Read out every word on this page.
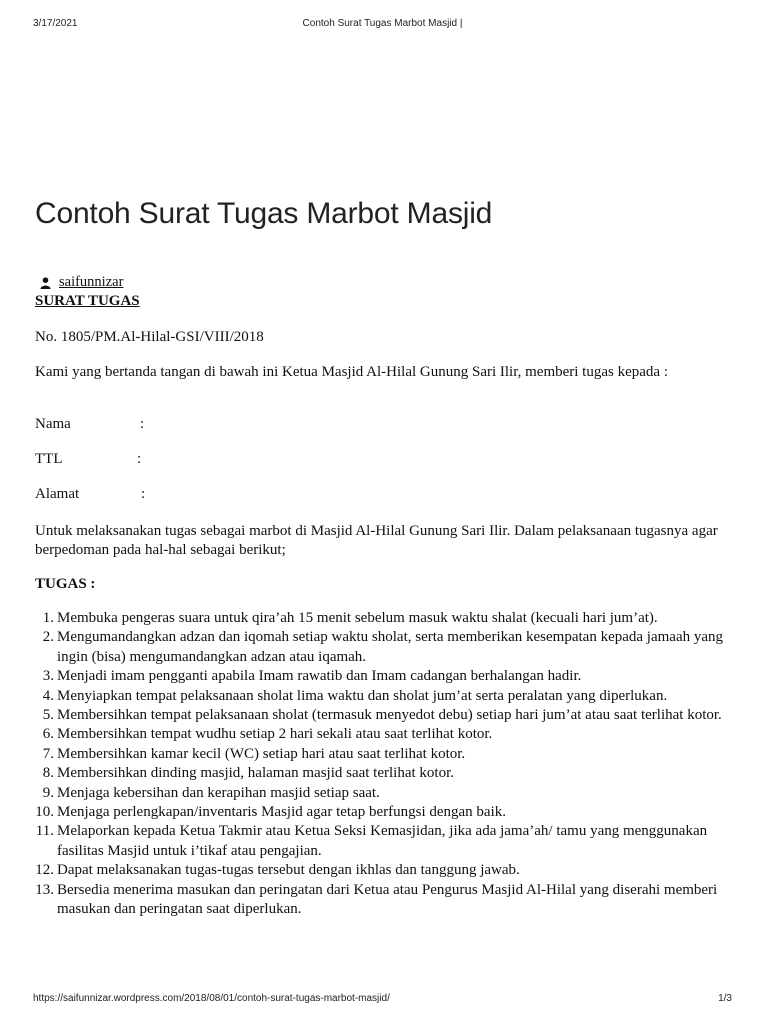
3/17/2021	Contoh Surat Tugas Marbot Masjid |
Contoh Surat Tugas Marbot Masjid
saifunnizar
SURAT TUGAS
No. 1805/PM.Al-Hilal-GSI/VIII/2018
Kami yang bertanda tangan di bawah ini Ketua Masjid Al-Hilal Gunung Sari Ilir, memberi tugas kepada :
Nama	:
TTL	:
Alamat	:
Untuk melaksanakan tugas sebagai marbot di Masjid Al-Hilal Gunung Sari Ilir. Dalam pelaksanaan tugasnya agar berpedoman pada hal-hal sebagai berikut;
TUGAS :
1. Membuka pengeras suara untuk qira’ah 15 menit sebelum masuk waktu shalat (kecuali hari jum’at).
2. Mengumandangkan adzan dan iqomah setiap waktu sholat, serta memberikan kesempatan kepada jamaah yang ingin (bisa) mengumandangkan adzan atau iqamah.
3. Menjadi imam pengganti apabila Imam rawatib dan Imam cadangan berhalangan hadir.
4. Menyiapkan tempat pelaksanaan sholat lima waktu dan sholat jum’at serta peralatan yang diperlukan.
5. Membersihkan tempat pelaksanaan sholat (termasuk menyedot debu) setiap hari jum’at atau saat terlihat kotor.
6. Membersihkan tempat wudhu setiap 2 hari sekali atau saat terlihat kotor.
7. Membersihkan kamar kecil (WC) setiap hari atau saat terlihat kotor.
8. Membersihkan dinding masjid, halaman masjid saat terlihat kotor.
9. Menjaga kebersihan dan kerapihan masjid setiap saat.
10. Menjaga perlengkapan/inventaris Masjid agar tetap berfungsi dengan baik.
11. Melaporkan kepada Ketua Takmir atau Ketua Seksi Kemasjidan, jika ada jama’ah/ tamu yang menggunakan fasilitas Masjid untuk i’tikaf atau pengajian.
12. Dapat melaksanakan tugas-tugas tersebut dengan ikhlas dan tanggung jawab.
13. Bersedia menerima masukan dan peringatan dari Ketua atau Pengurus Masjid Al-Hilal yang diserahi memberi masukan dan peringatan saat diperlukan.
https://saifunnizar.wordpress.com/2018/08/01/contoh-surat-tugas-marbot-masjid/	1/3
